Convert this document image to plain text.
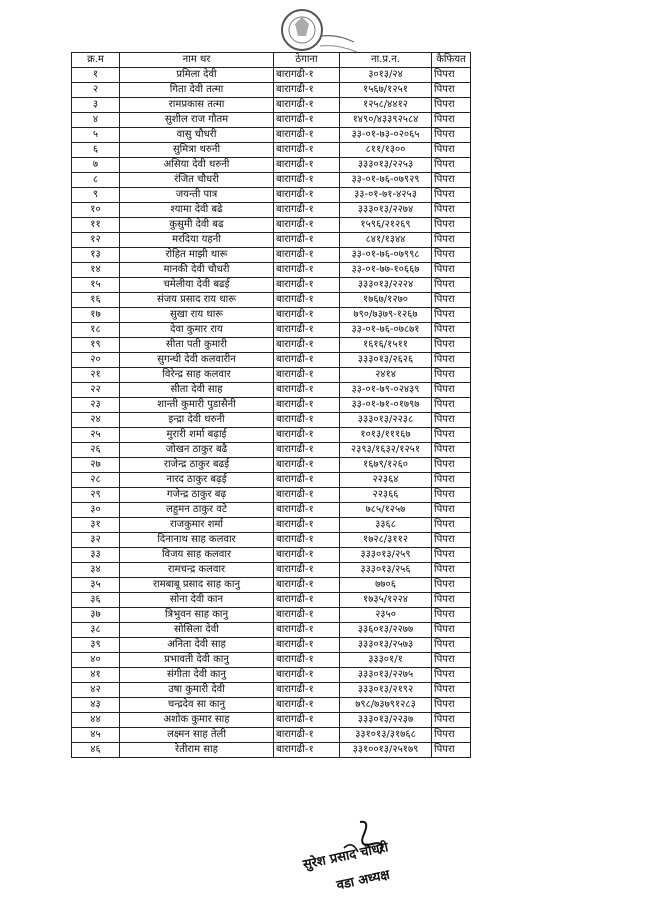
क्र.म	नाम थर	ठेगाना	ना.प्र.न.	कैफियत
१	प्रमिला देवी	बारागढी-१	३०१३/२४	पिपरा
२	गिता देवी तत्मा	बारागढी-१	१५६७/१२५१	पिपरा
३	रामप्रकास तत्मा	बारागढी-१	१२५८/४४१२	पिपरा
४	सुशील राज गौतम	बारागढी-१	१४९०/४३३९२५८४	पिपरा
५	वासु चौधरी	बारागढी-१	३३-०१-७३-०२०६५	पिपरा
६	सुमित्रा थरुनी	बारागढी-१	८११/१३००	पिपरा
७	असिया देवी थरुनी	बारागढी-१	३३३०१३/२२५३	पिपरा
८	रंजित चौधरी	बारागढी-१	३३-०१-७६-०७९२९	पिपरा
९	जयन्ती पात्र	बारागढी-१	३३-०१-७१-४२५३	पिपरा
१०	श्यामा देवी बढे	बारागढी-१	३३३०१३/२२७४	पिपरा
११	कुसुमी देवी बढ	बारागढी-१	१५९६/२१२६९	पिपरा
१२	मरदिया यहनी	बारागढी-१	८४१/१३४४	पिपरा
१३	रोहित माझी थारू	बारागढी-१	३३-०१-७६-०७९९८	पिपरा
१४	मानकी देवी चौधरी	बारागढी-१	३३-०१-७७-१०६६७	पिपरा
१५	चमेलीया देवी बढई	बारागढी-१	३३३०१३/२२२४	पिपरा
१६	संजय प्रसाद राय थारू	बारागढी-१	१७६७/१२७०	पिपरा
१७	सुखा राय थारू	बारागढी-१	७९०/७३७९-१२६७	पिपरा
१८	देवा कुमार राय	बारागढी-१	३३-०१-७६-०७८७१	पिपरा
१९	सीता पती कुमारी	बारागढी-१	१६१६/१५११	पिपरा
२०	सुगन्धी देवी कलवारीन	बारागढी-१	३३३०१३/२६२६	पिपरा
२१	विरेन्द्र साह कलवार	बारागढी-१	२४१४	पिपरा
२२	सीता देवी साह	बारागढी-१	३३-०१-७९-०२४३९	पिपरा
२३	शान्ती कुमारी पुडासैनी	बारागढी-१	३३-०१-७१-०१७९७	पिपरा
२४	इन्द्रा देवी थरुनी	बारागढी-१	३३३०१३/२२३८	पिपरा
२५	मुरारी शर्मा बढ़ाई	बारागढी-१	१०१३/१११६७	पिपरा
२६	जोखन ठाकुर बढै	बारागढी-१	२३९३/१६३२/१२५१	पिपरा
२७	राजेन्द्र ठाकुर बढई	बारागढी-१	१६७९/१२६०	पिपरा
२८	नारद ठाकुर बढ़ई	बारागढी-१	२२३६४	पिपरा
२९	गजेन्द्र ठाकुर बढ़	बारागढी-१	२२३६६	पिपरा
३०	लहुमन ठाकुर वटे	बारागढी-१	७८५/१२५७	पिपरा
३१	राजकुमार शर्मा	बारागढी-१	३३६८	पिपरा
३२	दिनानाथ साह कलवार	बारागढी-१	१७२८/३११२	पिपरा
३३	विजय साह कलवार	बारागढी-१	३३३०१३/२५९	पिपरा
३४	रामचन्द्र कलवार	बारागढी-१	३३३०१३/२५६	पिपरा
३५	रामबाबू प्रसाद साह कानु	बारागढी-१	७७०६	पिपरा
३६	सोना देवी कान	बारागढी-१	१७३५/१२२४	पिपरा
३७	त्रिभुवन साह कानु	बारागढी-१	२३५०	पिपरा
३८	सोसिला देवी	बारागढी-१	३३६०१३/२२७७	पिपरा
३९	अनिता देवी साह	बारागढी-१	३३३०१३/२५७३	पिपरा
४०	प्रभावती देवी कानु	बारागढी-१	३३३०१/१	पिपरा
४१	संगीता देवी कानु	बारागढी-१	३३३०१३/२२७५	पिपरा
४२	उषा कुमारी देवी	बारागढी-१	३३३०१३/२१९२	पिपरा
४३	चन्द्रदेव सा कानु	बारागढी-१	७९८/७३७९१२८३	पिपरा
४४	अशोक कुमार साह	बारागढी-१	३३३०१३/२२३७	पिपरा
४५	लक्ष्मन साह तेली	बारागढी-१	३३१०१३/३१७६८	पिपरा
४६	रेतीराम साह	बारागढी-१	३३१००१३/२५१७९	पिपरा
सुरेश प्रसाद चौधरी
वडा अध्यक्ष
